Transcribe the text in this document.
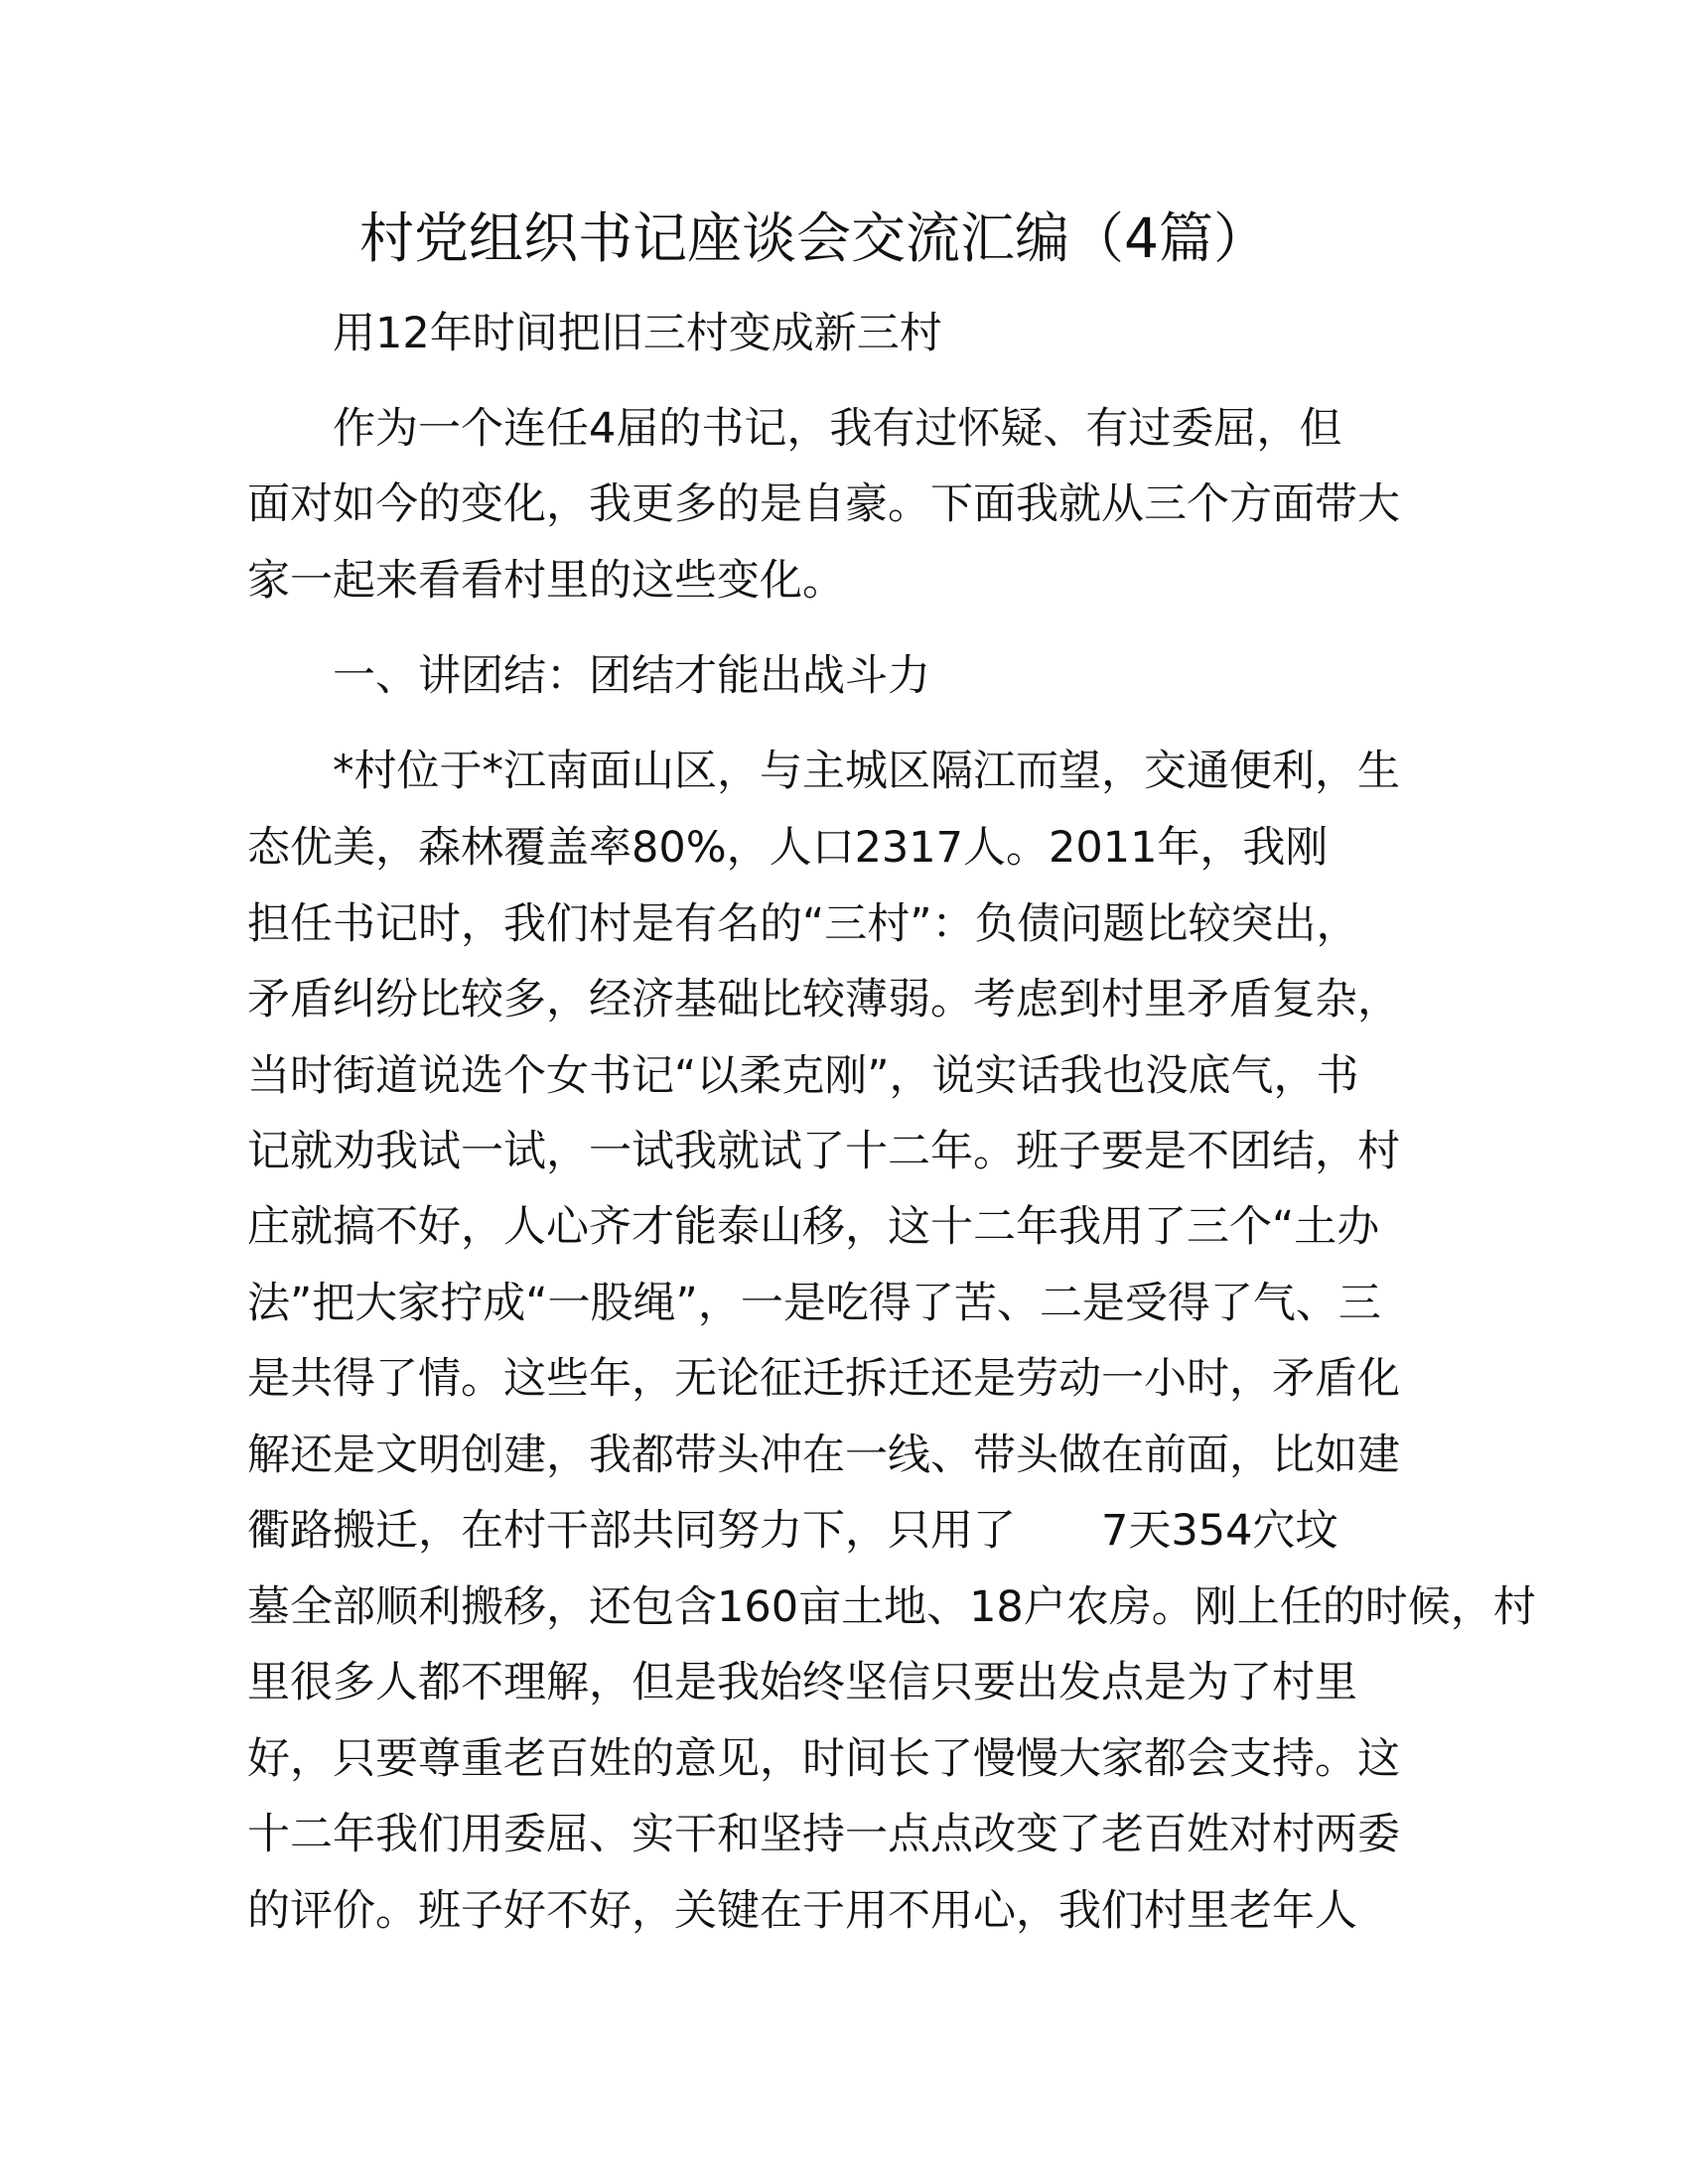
村党组织书记座谈会交流汇编（4篇）
用12年时间把旧三村变成新三村
作为一个连任4届的书记，我有过怀疑、有过委屈，但
面对如今的变化，我更多的是自豪。下面我就从三个方面带大
家一起来看看村里的这些变化。
一、讲团结：团结才能出战斗力
*村位于*江南面山区，与主城区隔江而望，交通便利，生
态优美，森林覆盖率80%，人口2317人。2011年，我刚
担任书记时，我们村是有名的“三村”：负债问题比较突出，
矛盾纠纷比较多，经济基础比较薄弱。考虑到村里矛盾复杂，
当时街道说选个女书记“以柔克刚”，说实话我也没底气，书
记就劝我试一试，一试我就试了十二年。班子要是不团结，村
庄就搞不好，人心齐才能泰山移，这十二年我用了三个“土办
法”把大家拧成“一股绳”，一是吃得了苦、二是受得了气、三
是共得了情。这些年，无论征迁拆迁还是劳动一小时，矛盾化
解还是文明创建，我都带头冲在一线、带头做在前面，比如建
衢路搬迁，在村干部共同努力下，只用了　　7天354穴坟
墓全部顺利搬移，还包含160亩土地、18户农房。刚上任的时候，村
里很多人都不理解，但是我始终坚信只要出发点是为了村里
好，只要尊重老百姓的意见，时间长了慢慢大家都会支持。这
十二年我们用委屈、实干和坚持一点点改变了老百姓对村两委
的评价。班子好不好，关键在于用不用心，我们村里老年人
